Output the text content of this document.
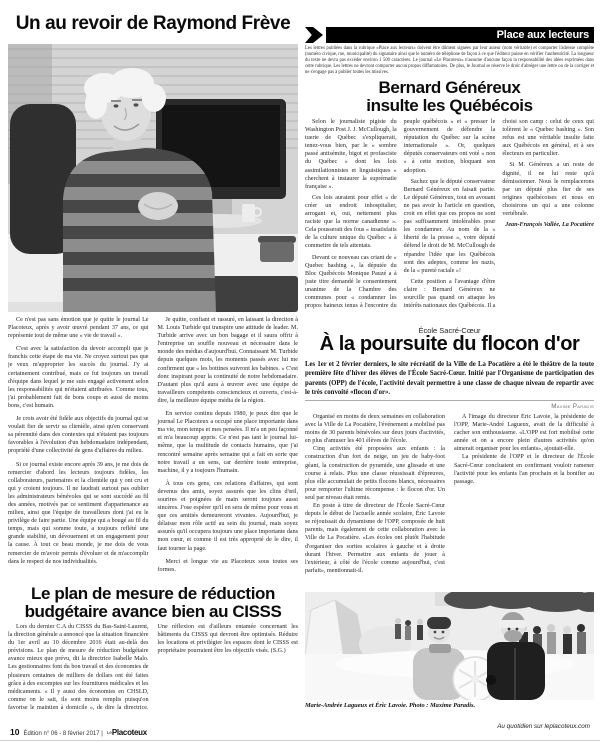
Un au revoir de Raymond Frève

Ce n'est pas sans émotion que je quitte le journal Le Placoteux, après y avoir œuvré pendant 37 ans, ce qui représente tout de même une « vie de travail ».

C'est avec la satisfaction du devoir accompli que je franchis cette étape de ma vie. Ne croyez surtout pas que je veux m'approprier les succès du journal. J'y ai certainement contribué, mais ce fut toujours un travail d'équipe dans lequel je me suis engagé activement selon les responsabilités qui m'étaient attribuées. Comme tous, j'ai probablement fait de bons coups et aussi de moins bons, c'est humain.

Je crois avoir été fidèle aux objectifs du journal qui se voulait fier de servir sa clientèle, ainsi qu'en conservant sa pérennité dans des contextes qui n'étaient pas toujours favorables à l'évolution d'un hebdomadaire indépendant, propriété d'une collectivité de gens d'affaires du milieu.

Si ce journal existe encore après 39 ans, je me dois de remercier d'abord les lecteurs toujours fidèles, les collaborateurs, partenaires et la clientèle qui y ont cru et qui y croient toujours. Il ne faudrait surtout pas oublier les administrateurs bénévoles qui se sont succédé au fil des années, motivés par ce sentiment d'appartenance au milieu, ainsi que l'équipe de travailleurs dont j'ai eu le privilège de faire partie. Une équipe qui a bougé au fil du temps, mais qui somme toute, a toujours reflété une grande stabilité, un dévouement et un engagement pour la cause. À tout ce beau monde, je me dois de vous remercier de m'avoir permis d'évoluer et de m'accomplir dans le respect de nos individualités.

Je quitte, confiant et rassuré, en laissant la direction à M. Louis Turbide qui transpire une attitude de leader. M. Turbide arrive avec un bon bagage et il saura offrir à l'entreprise un souffle nouveau et nécessaire dans le monde des médias d'aujourd'hui. Connaissant M. Turbide depuis quelques mois, les moments passés avec lui me confirment que « les bottines suivront les babines. » C'est donc inspirant pour la continuité de notre hebdomadaire. D'autant plus qu'il aura à œuvrer avec une équipe de travailleurs compétents consciencieux et ouverts, c'est-à-dire, la meilleure équipe média de la région.

En service continu depuis 1980, je peux dire que le journal Le Placoteux a occupé une place importante dans ma vie, mon temps et mes pensées. Il m'a un peu façonné et m'a beaucoup appris. Ce n'est pas tant le journal lui-même, que la multitude de contacts humains, que j'ai rencontré semaine après semaine qui a fait en sorte que notre travail a un sens, car derrière toute entreprise, machine, il y a toujours l'humain.

À tous ces gens, ces relations d'affaires, qui sont devenus des amis, soyez assurés que les clins d'œil, sourires et poignées de main seront toujours aussi sincères. J'ose espérer qu'il en sera de même pour vous et que ces amitiés demeureront vivantes. Aujourd'hui, je délaisse mon rôle actif au sein du journal, mais soyez assurés qu'il occupera toujours une place importante dans mon cœur, et comme il est très approprié de le dire, il faut tourner la page.

Merci et longue vie au Placoteux sous toutes ses formes.

Place aux lecteurs

Les lettres publiées dans la rubrique «Place aux lecteurs» doivent être dûment signées par leur auteur (nom véritable) et comporter l'adresse complète (numéro civique, rue, municipalité) du signataire ainsi que le numéro de téléphone de façon à ce que l'éditeur puisse en vérifier l'authenticité. La longueur du texte ne devra pas excéder environ 1 500 caractères. Le journal «Le Placoteux» n'assume d'aucune façon la responsabilité des idées exprimées dans cette rubrique. Les lettres ne devront comporter aucun propos diffamatoires. De plus, le Journal se réserve le droit d'abréger une lettre ou de la corriger et ne s'engage pas à publier toutes les missives.

Bernard Généreux
insulte les Québécois

Selon le journaliste pigiste du Washington Post J. J. McCullough, la tuerie de Québec s'expliquerait, tenez-vous bien, par le « sombre passé antisémite, bigot et profasciste du Québec » dont les lois assimilationnistes et linguistiques « cherchent à instaurer la suprématie française ».

Ces lois auraient pour effet « de créer un endroit inhospitalier, arrogant et, oui, nettement plus raciste que la norme canadienne ». Cela pousserait des fous « insatisfaits de la culture unique du Québec » à commettre de tels attentats.

Devant ce nouveau cas criant de « Quebec bashing », la députée du Bloc Québécois Monique Pauzé a à juste titre demandé le consentement unanime de la Chambre des communes pour « condamner les propos haineux tenus à l'encontre du peuple québécois » et « presser le gouvernement de défendre la réputation du Québec sur la scène internationale ». Or, quelques députés conservateurs ont voté « non » à cette motion, bloquant son adoption.

Sachez que le député conservateur Bernard Généreux en faisait partie. Le député Généreux, tout en avouant ne pas avoir lu l'article en question, croit en effet que ces propos ne sont pas suffisamment intolérables pour les condamner. Au nom de la « liberté de la presse », votre député défend le droit de M. McCullough de répandre l'idée que les Québécois sont des adeptes, comme les nazis, de la « pureté raciale »!

Cette position a l'avantage d'être claire : Bernard Généreux ne sourcille pas quand on attaque les intérêts nationaux des Québécois. Il a choisi son camp : celui de ceux qui tolèrent le « Quebec bashing ». Son refus est une véritable insulte faite aux Québécois en général, et à ses électeurs en particulier.

Si M. Généreux a un reste de dignité, il ne lui reste qu'à démissionner. Nous le remplacerons par un député plus fier de ses origines québécoises et nous en choisirons un qui a une colonne vertébrale.

Jean-François Vallée, La Pocatière

École Sacré-Cœur
À la poursuite du flocon d'or

Les 1er et 2 février derniers, le site récréatif de la Ville de La Pocatière a été le théâtre de la toute première fête d'hiver des élèves de l'École Sacré-Cœur. Initié par l'Organisme de participation des parents (OPP) de l'école, l'activité devait permettre à une classe de chaque niveau de repartir avec le très convoité «flocon d'or».

Maxime Paradis

Organisé en moins de deux semaines en collaboration avec la Ville de La Pocatière, l'événement a mobilisé pas moins de 30 parents bénévoles sur deux jours d'activités, en plus d'amuser les 401 élèves de l'école.

Cinq activités été proposées aux enfants : la construction d'un fort de neige, un jeu de baby-foot géant, la construction de pyramide, une glissade et une course à relais. Plus une classe réussissait d'épreuves, plus elle accumulait de petits flocons blancs, nécessaires pour remporter l'ultime récompense : le flocon d'or. Un seul par niveau était remis.

En poste à titre de directeur de l'École Sacré-Cœur depuis le début de l'actuelle année scolaire, Éric Lavoie se réjouissait du dynamisme de l'OPP, composée de huit parents, mais également de cette collaboration avec la Ville de La Pocatière. «Les écoles ont plutôt l'habitude d'organiser des sorties scolaires à gauche et à droite durant l'hiver. Permettre aux enfants de jouer à l'extérieur, à côté de l'école comme aujourd'hui, c'est parfait», mentionnait-il.

À l'image du directeur Éric Lavoie, la présidente de l'OPP, Marie-André Lagueux, avait de la difficulté à cacher son enthousiasme. «L'OPP est fort mobilisé cette année et on a encore plein d'autres activités qu'on aimerait organiser pour les enfants», ajoutait-elle.

La présidente de l'OPP et le directeur de l'École Sacré-Cœur concluaient en confirmant vouloir ramener l'activité pour les enfants l'an prochain et la bonifier au passage.

Marie-Andrée Lagueux et Éric Lavoie. Photo : Maxime Paradis.

Le plan de mesure de réduction budgétaire avance bien au CISSS

Lors du dernier C.A du CISSS du Bas-Saint-Laurent, la direction générale a annoncé que la situation financière du 1er avril au 10 décembre 2016 était au-delà des prévisions. Le plan de mesure de réduction budgétaire avance mieux que prévu, dit la directrice Isabelle Malo. Les gestionnaires font du bon travail et des économies de plusieurs centaines de milliers de dollars ont été faites grâce à des escomptes sur les fournitures médicales et les médicaments. « Il y aussi des économies en CHSLD, comme on le sait, ils sont moins remplis puisqu'on favorise le maintien à domicile », de dire la directrice. Une réflexion est d'ailleurs entamée concernant les bâtiments du CISSS qui devront être optimisés. Réduire les locations et privilégier les espaces dont le CISSS est propriétaire pourraient être les objectifs visés. (S.G.)

10 Édition n° 06 - 8 février 2017 | LePlacoteux
Au quotidien sur leplacoteux.com
